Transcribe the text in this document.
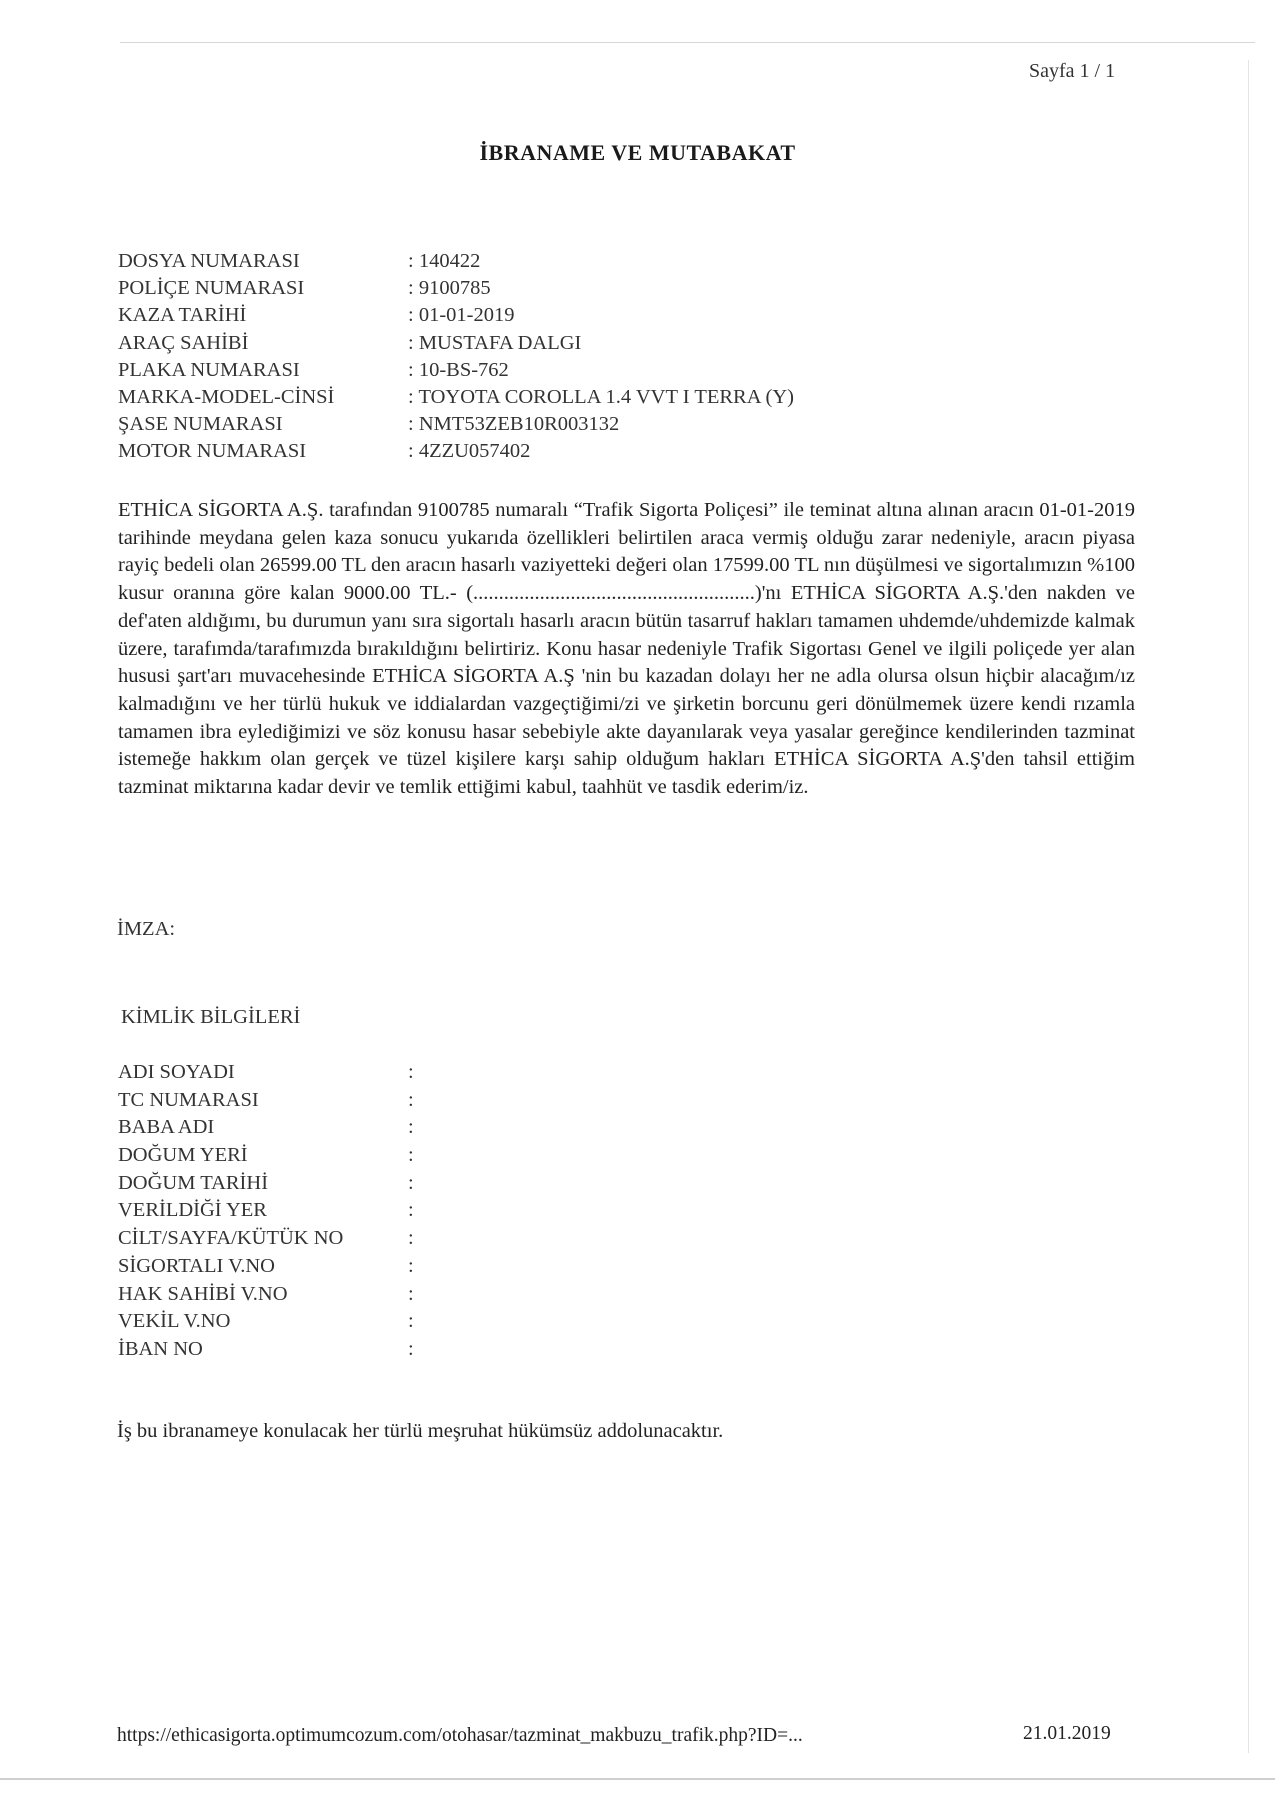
Sayfa 1 / 1
İBRANAME VE MUTABAKAT
DOSYA NUMARASI	: 140422
POLİÇE NUMARASI	: 9100785
KAZA TARİHİ	: 01-01-2019
ARAÇ SAHİBİ	: MUSTAFA DALGI
PLAKA NUMARASI	: 10-BS-762
MARKA-MODEL-CİNSİ	: TOYOTA COROLLA 1.4 VVT I TERRA (Y)
ŞASE NUMARASI	: NMT53ZEB10R003132
MOTOR NUMARASI	: 4ZZU057402

ETHİCA SİGORTA A.Ş. tarafından 9100785 numaralı “Trafik Sigorta Poliçesi” ile teminat altına alınan aracın 01-01-2019 tarihinde meydana gelen kaza sonucu yukarıda özellikleri belirtilen araca vermiş olduğu zarar nedeniyle, aracın piyasa rayiç bedeli olan 26599.00 TL den aracın hasarlı vaziyetteki değeri olan 17599.00 TL nın düşülmesi ve sigortalımızın %100 kusur oranına göre kalan 9000.00 TL.- (.......................................................)'nı ETHİCA SİGORTA A.Ş.'den nakden ve def'aten aldığımı, bu durumun yanı sıra sigortalı hasarlı aracın bütün tasarruf hakları tamamen uhdemde/uhdemizde kalmak üzere, tarafımda/tarafımızda bırakıldığını belirtiriz. Konu hasar nedeniyle Trafik Sigortası Genel ve ilgili poliçede yer alan hususi şart'arı muvacehesinde ETHİCA SİGORTA A.Ş 'nin bu kazadan dolayı her ne adla olursa olsun hiçbir alacağım/ız kalmadığını ve her türlü hukuk ve iddialardan vazgeçtiğimi/zi ve şirketin borcunu geri dönülmemek üzere kendi rızamla tamamen ibra eylediğimizi ve söz konusu hasar sebebiyle akte dayanılarak veya yasalar gereğince kendilerinden tazminat istemeğe hakkım olan gerçek ve tüzel kişilere karşı sahip olduğum hakları ETHİCA SİGORTA A.Ş'den tahsil ettiğim tazminat miktarına kadar devir ve temlik ettiğimi kabul, taahhüt ve tasdik ederim/iz.

İMZA:
KİMLİK BİLGİLERİ
ADI SOYADI	:
TC NUMARASI	:
BABA ADI	:
DOĞUM YERİ	:
DOĞUM TARİHİ	:
VERİLDİĞİ YER	:
CİLT/SAYFA/KÜTÜK NO	:
SİGORTALI V.NO	:
HAK SAHİBİ V.NO	:
VEKİL V.NO	:
İBAN NO	:
İş bu ibranameye konulacak her türlü meşruhat hükümsüz addolunacaktır.
https://ethicasigorta.optimumcozum.com/otohasar/tazminat_makbuzu_trafik.php?ID=...	21.01.2019
